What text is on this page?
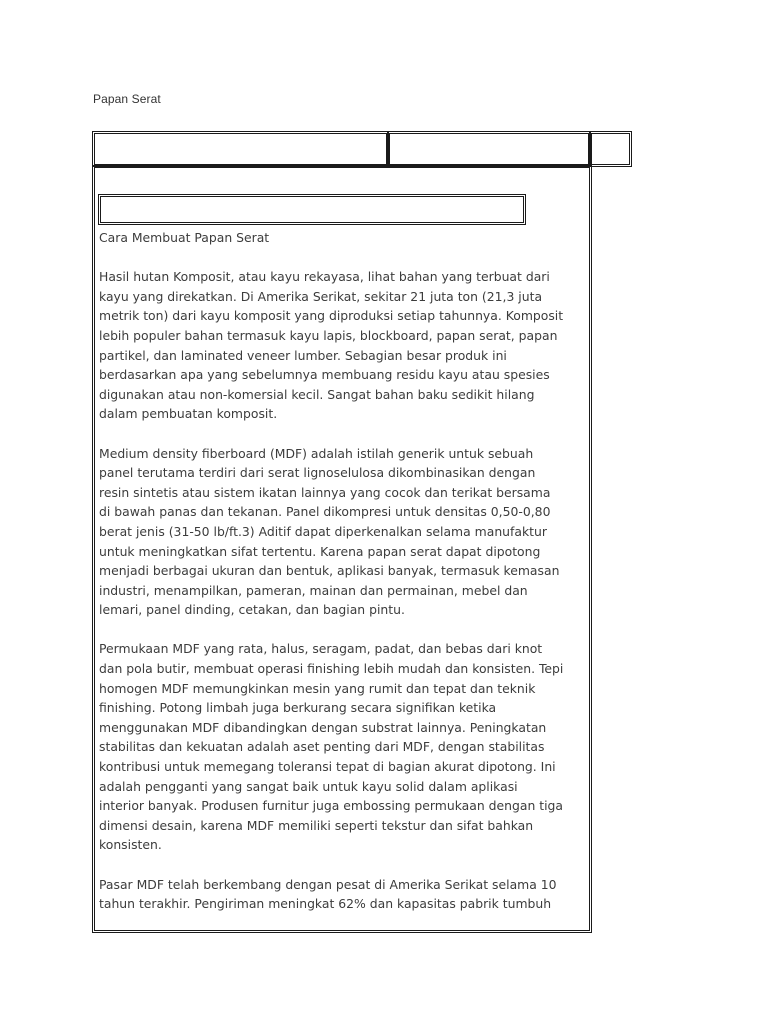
Papan Serat

Cara Membuat Papan Serat

Hasil hutan Komposit, atau kayu rekayasa, lihat bahan yang terbuat dari
kayu yang direkatkan. Di Amerika Serikat, sekitar 21 juta ton (21,3 juta
metrik ton) dari kayu komposit yang diproduksi setiap tahunnya. Komposit
lebih populer bahan termasuk kayu lapis, blockboard, papan serat, papan
partikel, dan laminated veneer lumber. Sebagian besar produk ini
berdasarkan apa yang sebelumnya membuang residu kayu atau spesies
digunakan atau non-komersial kecil. Sangat bahan baku sedikit hilang
dalam pembuatan komposit.

Medium density fiberboard (MDF) adalah istilah generik untuk sebuah
panel terutama terdiri dari serat lignoselulosa dikombinasikan dengan
resin sintetis atau sistem ikatan lainnya yang cocok dan terikat bersama
di bawah panas dan tekanan. Panel dikompresi untuk densitas 0,50-0,80
berat jenis (31-50 lb/ft.3) Aditif dapat diperkenalkan selama manufaktur
untuk meningkatkan sifat tertentu. Karena papan serat dapat dipotong
menjadi berbagai ukuran dan bentuk, aplikasi banyak, termasuk kemasan
industri, menampilkan, pameran, mainan dan permainan, mebel dan
lemari, panel dinding, cetakan, dan bagian pintu.

Permukaan MDF yang rata, halus, seragam, padat, dan bebas dari knot
dan pola butir, membuat operasi finishing lebih mudah dan konsisten. Tepi
homogen MDF memungkinkan mesin yang rumit dan tepat dan teknik
finishing. Potong limbah juga berkurang secara signifikan ketika
menggunakan MDF dibandingkan dengan substrat lainnya. Peningkatan
stabilitas dan kekuatan adalah aset penting dari MDF, dengan stabilitas
kontribusi untuk memegang toleransi tepat di bagian akurat dipotong. Ini
adalah pengganti yang sangat baik untuk kayu solid dalam aplikasi
interior banyak. Produsen furnitur juga embossing permukaan dengan tiga
dimensi desain, karena MDF memiliki seperti tekstur dan sifat bahkan
konsisten.

Pasar MDF telah berkembang dengan pesat di Amerika Serikat selama 10
tahun terakhir. Pengiriman meningkat 62% dan kapasitas pabrik tumbuh
